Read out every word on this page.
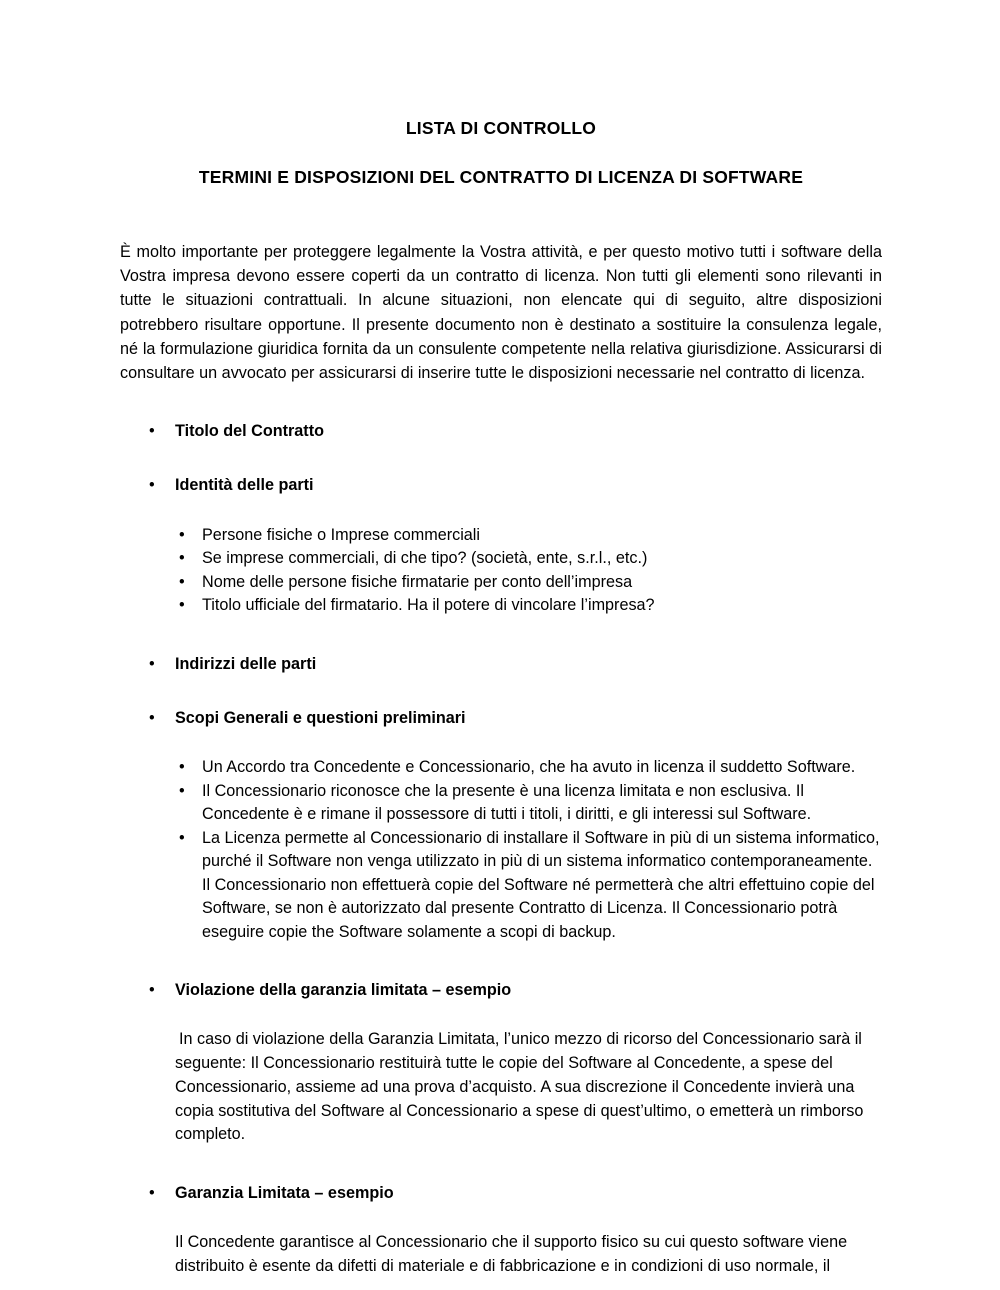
LISTA DI CONTROLLO
TERMINI E DISPOSIZIONI DEL CONTRATTO DI LICENZA DI SOFTWARE

È molto importante per proteggere legalmente la Vostra attività, e per questo motivo tutti i software della Vostra impresa devono essere coperti da un contratto di licenza. Non tutti gli elementi sono rilevanti in tutte le situazioni contrattuali. In alcune situazioni, non elencate qui di seguito, altre disposizioni potrebbero risultare opportune. Il presente documento non è destinato a sostituire la consulenza legale, né la formulazione giuridica fornita da un consulente competente nella relativa giurisdizione. Assicurarsi di consultare un avvocato per assicurarsi di inserire tutte le disposizioni necessarie nel contratto di licenza.

• Titolo del Contratto
• Identità delle parti
• Persone fisiche o Imprese commerciali
• Se imprese commerciali, di che tipo? (società, ente, s.r.l., etc.)
• Nome delle persone fisiche firmatarie per conto dell’impresa
• Titolo ufficiale del firmatario. Ha il potere di vincolare l’impresa?
• Indirizzi delle parti
• Scopi Generali e questioni preliminari
• Un Accordo tra Concedente e Concessionario, che ha avuto in licenza il suddetto Software.
• Il Concessionario riconosce che la presente è una licenza limitata e non esclusiva. Il Concedente è e rimane il possessore di tutti i titoli, i diritti, e gli interessi sul Software.
• La Licenza permette al Concessionario di installare il Software in più di un sistema informatico, purché il Software non venga utilizzato in più di un sistema informatico contemporaneamente. Il Concessionario non effettuerà copie del Software né permetterà che altri effettuino copie del Software, se non è autorizzato dal presente Contratto di Licenza. Il Concessionario potrà eseguire copie the Software solamente a scopi di backup.
• Violazione della garanzia limitata – esempio

In caso di violazione della Garanzia Limitata, l’unico mezzo di ricorso del Concessionario sarà il seguente: Il Concessionario restituirà tutte le copie del Software al Concedente, a spese del Concessionario, assieme ad una prova d’acquisto. A sua discrezione il Concedente invierà una copia sostitutiva del Software al Concessionario a spese di quest’ultimo, o emetterà un rimborso completo.

• Garanzia Limitata – esempio

Il Concedente garantisce al Concessionario che il supporto fisico su cui questo software viene distribuito è esente da difetti di materiale e di fabbricazione e in condizioni di uso normale, il
